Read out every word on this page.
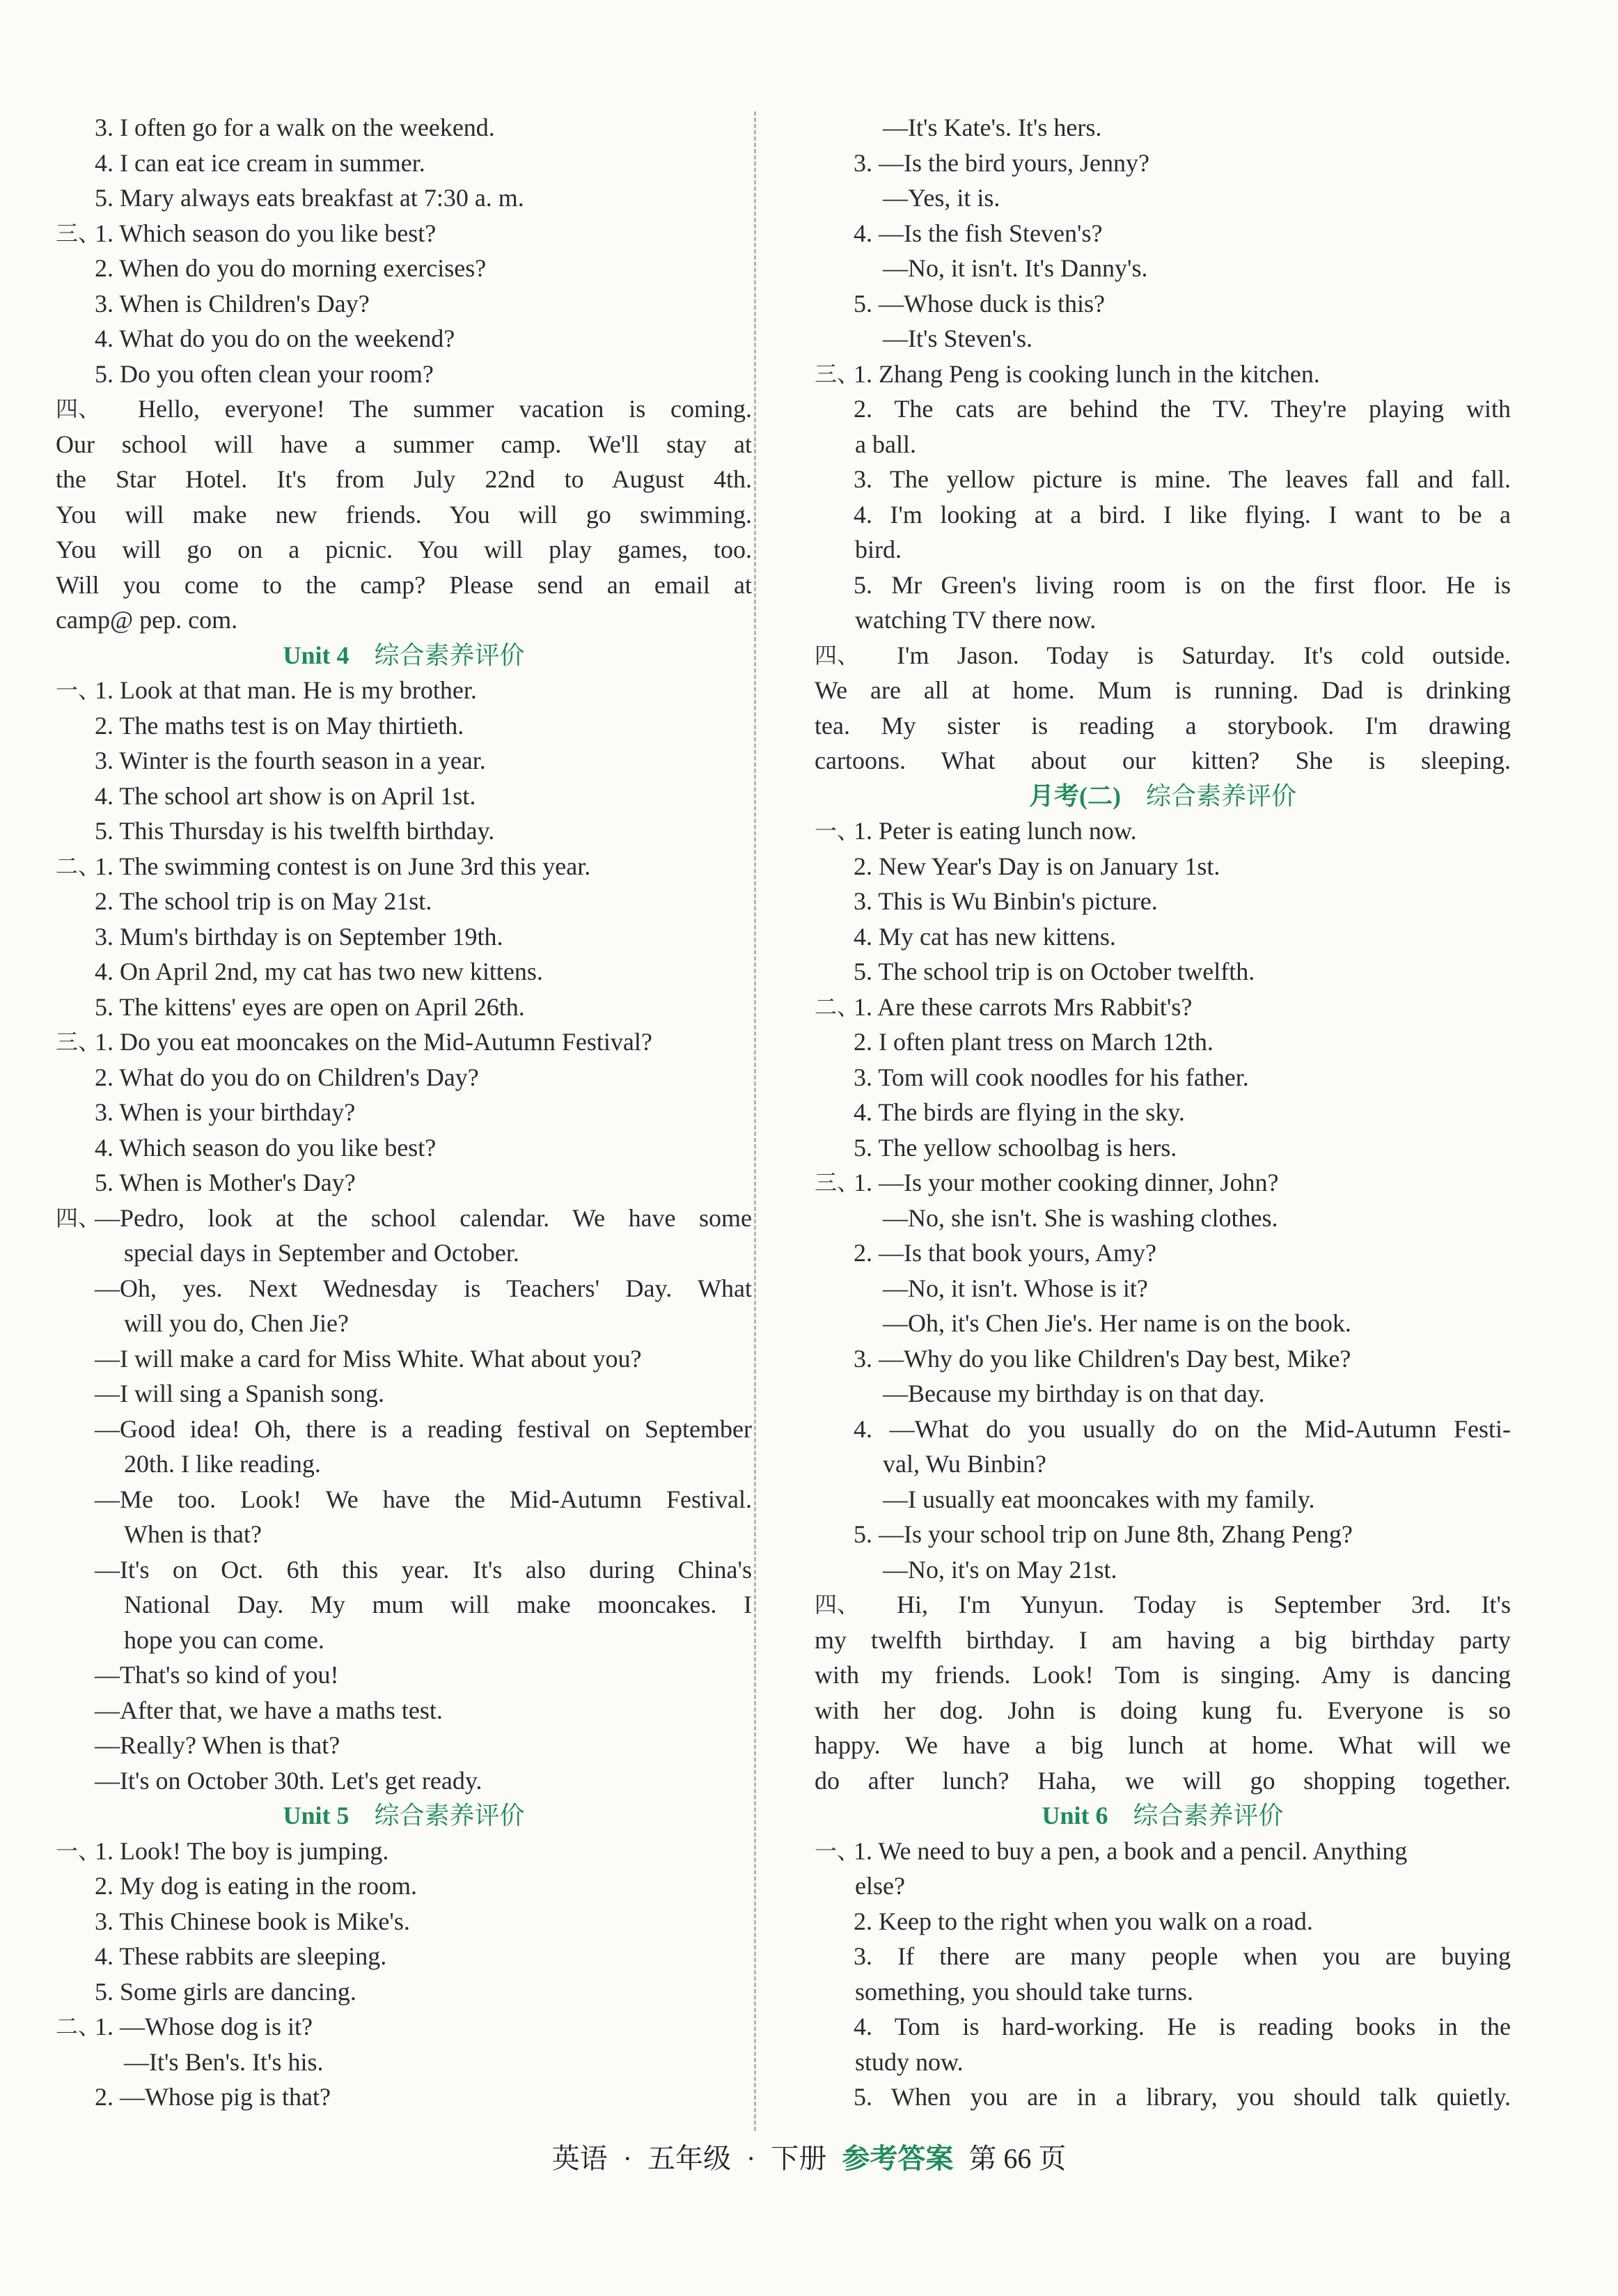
3. I often go for a walk on the weekend.
4. I can eat ice cream in summer.
5. Mary always eats breakfast at 7:30 a. m.
三、
1. Which season do you like best?
2. When do you do morning exercises?
3. When is Children's Day?
4. What do you do on the weekend?
5. Do you often clean your room?
四、	Hello, everyone! The summer vacation is coming.
Our school will have a summer camp. We'll stay at
the Star Hotel. It's from July 22nd to August 4th.
You will make new friends. You will go swimming.
You will go on a picnic. You will play games, too.
Will you come to the camp? Please send an email at
camp@ pep. com.
Unit 4  综合素养评价
一、
1. Look at that man. He is my brother.
2. The maths test is on May thirtieth.
3. Winter is the fourth season in a year.
4. The school art show is on April 1st.
5. This Thursday is his twelfth birthday.
二、
1. The swimming contest is on June 3rd this year.
2. The school trip is on May 21st.
3. Mum's birthday is on September 19th.
4. On April 2nd, my cat has two new kittens.
5. The kittens' eyes are open on April 26th.
三、
1. Do you eat mooncakes on the Mid-Autumn Festival?
2. What do you do on Children's Day?
3. When is your birthday?
4. Which season do you like best?
5. When is Mother's Day?
四、
—Pedro, look at the school calendar. We have some
special days in September and October.
—Oh, yes. Next Wednesday is Teachers' Day. What
will you do, Chen Jie?
—I will make a card for Miss White. What about you?
—I will sing a Spanish song.
—Good idea! Oh, there is a reading festival on September
20th. I like reading.
—Me too. Look! We have the Mid-Autumn Festival.
When is that?
—It's on Oct. 6th this year. It's also during China's
National Day. My mum will make mooncakes. I
hope you can come.
—That's so kind of you!
—After that, we have a maths test.
—Really? When is that?
—It's on October 30th. Let's get ready.
Unit 5  综合素养评价
一、
1. Look! The boy is jumping.
2. My dog is eating in the room.
3. This Chinese book is Mike's.
4. These rabbits are sleeping.
5. Some girls are dancing.
二、
1. —Whose dog is it?
—It's Ben's. It's his.
2. —Whose pig is that?
—It's Kate's. It's hers.
3. —Is the bird yours, Jenny?
—Yes, it is.
4. —Is the fish Steven's?
—No, it isn't. It's Danny's.
5. —Whose duck is this?
—It's Steven's.
三、
1. Zhang Peng is cooking lunch in the kitchen.
2. The cats are behind the TV. They're playing with
a ball.
3. The yellow picture is mine. The leaves fall and fall.
4. I'm looking at a bird. I like flying. I want to be a
bird.
5. Mr Green's living room is on the first floor. He is
watching TV there now.
四、	I'm Jason. Today is Saturday. It's cold outside.
We are all at home. Mum is running. Dad is drinking
tea. My sister is reading a storybook. I'm drawing
cartoons. What about our kitten? She is sleeping.
月考(二)  综合素养评价
一、
1. Peter is eating lunch now.
2. New Year's Day is on January 1st.
3. This is Wu Binbin's picture.
4. My cat has new kittens.
5. The school trip is on October twelfth.
二、
1. Are these carrots Mrs Rabbit's?
2. I often plant tress on March 12th.
3. Tom will cook noodles for his father.
4. The birds are flying in the sky.
5. The yellow schoolbag is hers.
三、
1. —Is your mother cooking dinner, John?
—No, she isn't. She is washing clothes.
2. —Is that book yours, Amy?
—No, it isn't. Whose is it?
—Oh, it's Chen Jie's. Her name is on the book.
3. —Why do you like Children's Day best, Mike?
—Because my birthday is on that day.
4. —What do you usually do on the Mid-Autumn Festi-
val, Wu Binbin?
—I usually eat mooncakes with my family.
5. —Is your school trip on June 8th, Zhang Peng?
—No, it's on May 21st.
四、	Hi, I'm Yunyun. Today is September 3rd. It's
my twelfth birthday. I am having a big birthday party
with my friends. Look! Tom is singing. Amy is dancing
with her dog. John is doing kung fu. Everyone is so
happy. We have a big lunch at home. What will we
do after lunch? Haha, we will go shopping together.
Unit 6  综合素养评价
一、
1. We need to buy a pen, a book and a pencil. Anything
else?
2. Keep to the right when you walk on a road.
3. If there are many people when you are buying
something, you should take turns.
4. Tom is hard-working. He is reading books in the
study now.
5. When you are in a library, you should talk quietly.
英语 · 五年级 · 下册 参考答案 第 66 页
